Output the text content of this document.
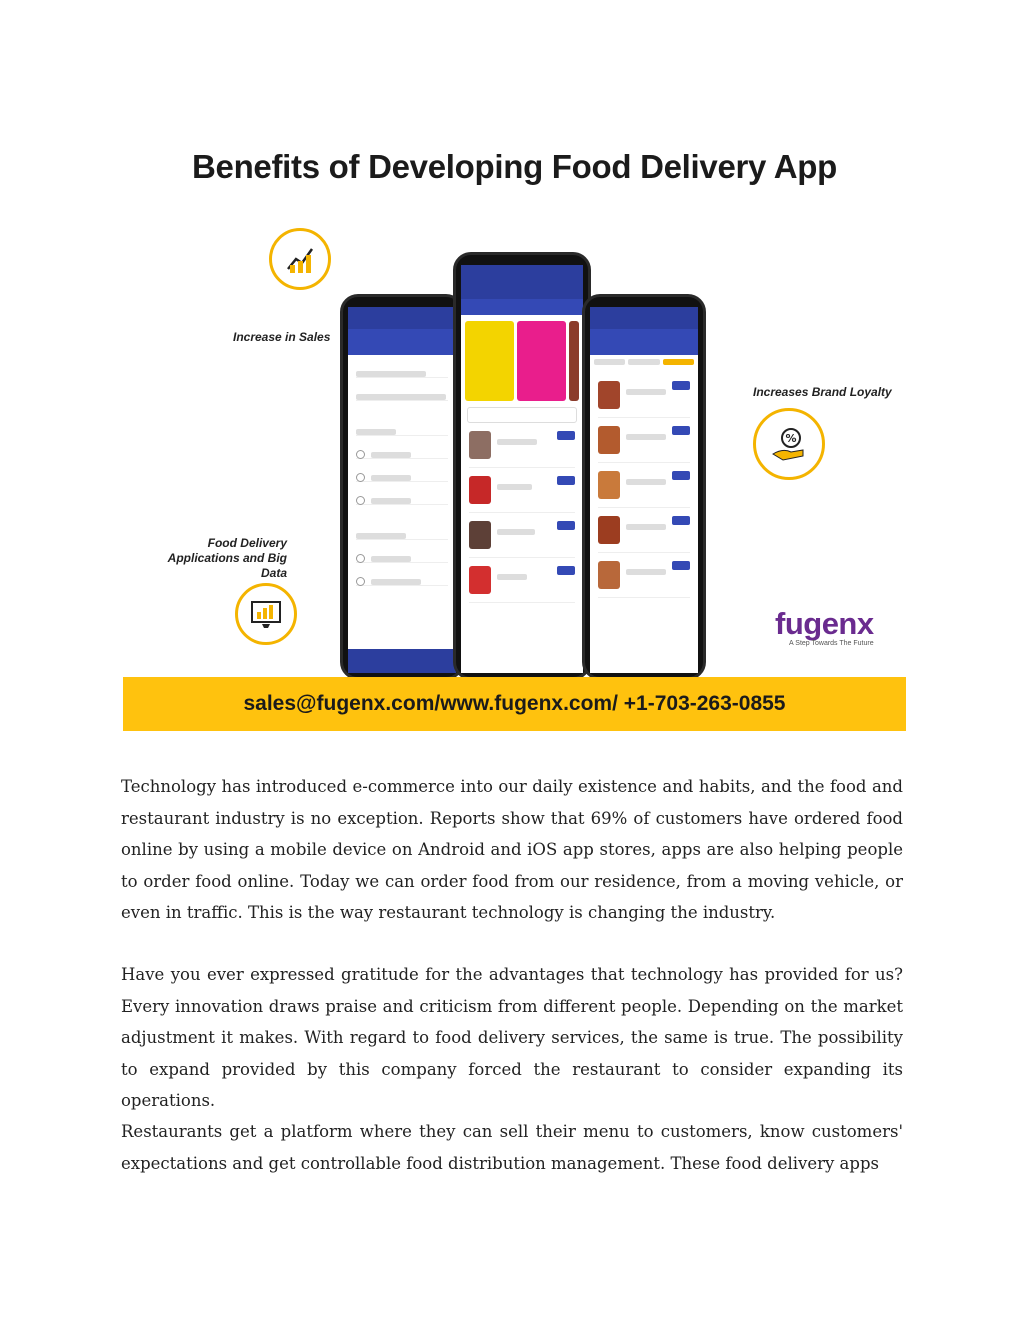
Benefits of Developing Food Delivery App
Increase in Sales
Food Delivery Applications and Big Data
Increases Brand Loyalty
%
fugenx
A Step Towards The Future
sales@fugenx.com/www.fugenx.com/ +1-703-263-0855

Technology has introduced e-commerce into our daily existence and habits, and the food and restaurant industry is no exception. Reports show that 69% of customers have ordered food online by using a mobile device on Android and iOS app stores, apps are also helping people to order food online. Today we can order food from our residence, from a moving vehicle, or even in traffic. This is the way restaurant technology is changing the industry.

Have you ever expressed gratitude for the advantages that technology has provided for us? Every innovation draws praise and criticism from different people. Depending on the market adjustment it makes. With regard to food delivery services, the same is true. The possibility to expand provided by this company forced the restaurant to consider expanding its operations.

Restaurants get a platform where they can sell their menu to customers, know customers' expectations and get controllable food distribution management. These food delivery apps
